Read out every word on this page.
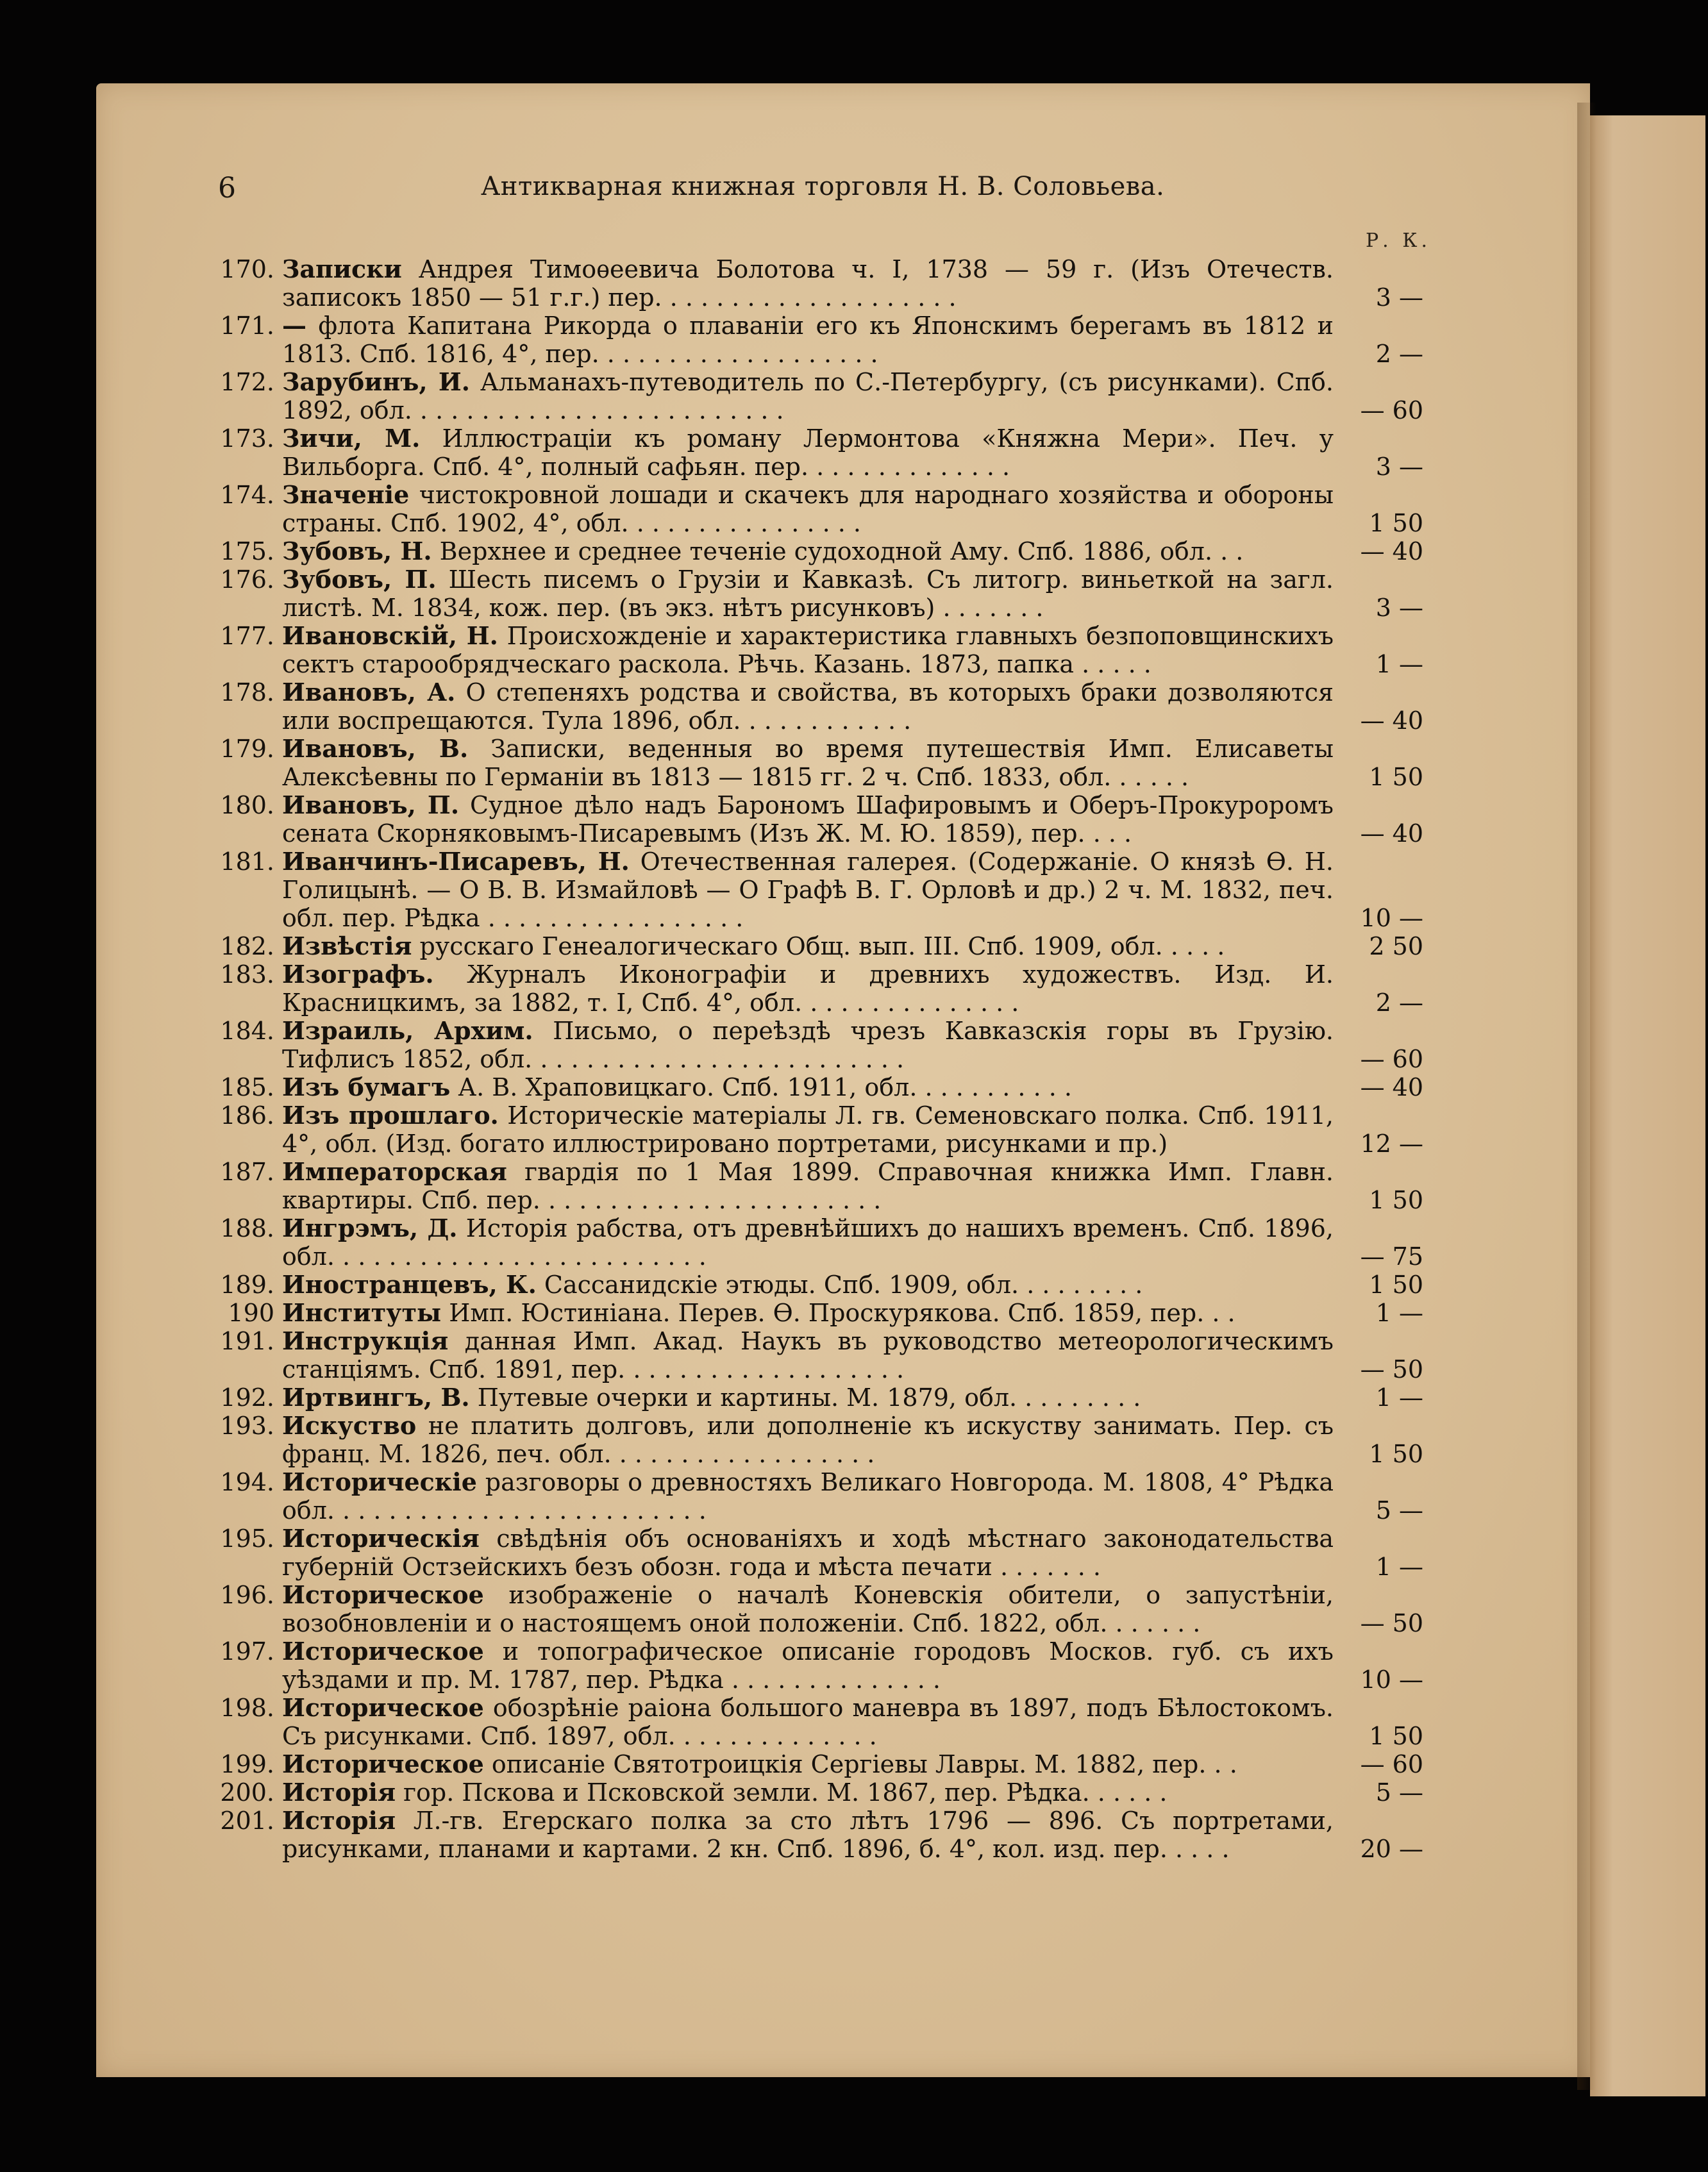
6	Антикварная книжная торговля Н. В. Соловьева.
Р. К.
170. Записки Андрея Тимоѳеевича Болотова ч. I, 1738 — 59 г. (Изъ Отечеств. записокъ 1850 — 51 г.г.) пер. . . . . . . . . . . . . . . . . . . .	3 —
171. — флота Капитана Рикорда о плаваніи его къ Японскимъ берегамъ въ 1812 и 1813. Спб. 1816, 4°, пер. . . . . . . . . . . . . . . . . . .	2 —
172. Зарубинъ, И. Альманахъ-путеводитель по С.-Петербургу, (съ рисунками). Спб. 1892, обл. . . . . . . . . . . . . . . . . . . . . . . . .	— 60
173. Зичи, М. Иллюстраціи къ роману Лермонтова «Княжна Мери». Печ. у Вильборга. Спб. 4°, полный сафьян. пер. . . . . . . . . . . . . .	3 —
174. Значеніе чистокровной лошади и скачекъ для народнаго хозяйства и обороны страны. Спб. 1902, 4°, обл. . . . . . . . . . . . . . . .	1 50
175. Зубовъ, Н. Верхнее и среднее теченіе судоходной Аму. Спб. 1886, обл. . .	— 40
176. Зубовъ, П. Шесть писемъ о Грузіи и Кавказѣ. Съ литогр. виньеткой на загл. листѣ. М. 1834, кож. пер. (въ экз. нѣтъ рисунковъ) . . . . . . .	3 —
177. Ивановскій, Н. Происхожденіе и характеристика главныхъ безпоповщинскихъ сектъ старообрядческаго раскола. Рѣчь. Казань. 1873, папка . . . . .	1 —
178. Ивановъ, А. О степеняхъ родства и свойства, въ которыхъ браки дозволяются или воспрещаются. Тула 1896, обл. . . . . . . . . . . .	— 40
179. Ивановъ, В. Записки, веденныя во время путешествія Имп. Елисаветы Алексѣевны по Германіи въ 1813 — 1815 гг. 2 ч. Спб. 1833, обл. . . . . .	1 50
180. Ивановъ, П. Судное дѣло надъ Барономъ Шафировымъ и Оберъ-Прокуроромъ сената Скорняковымъ-Писаревымъ (Изъ Ж. М. Ю. 1859), пер. . . .	— 40
181. Иванчинъ-Писаревъ, Н. Отечественная галерея. (Содержаніе. О князѣ Ѳ. Н. Голицынѣ. — О В. В. Измайловѣ — О Графѣ В. Г. Орловѣ и др.) 2 ч. М. 1832, печ. обл. пер. Рѣдка . . . . . . . . . . . . . . . . .	10 —
182. Извѣстія русскаго Генеалогическаго Общ. вып. III. Спб. 1909, обл. . . . .	2 50
183. Изографъ. Журналъ Иконографіи и древнихъ художествъ. Изд. И. Красницкимъ, за 1882, т. I, Спб. 4°, обл. . . . . . . . . . . . . . .	2 —
184. Израиль, Архим. Письмо, о переѣздѣ чрезъ Кавказскія горы въ Грузію. Тифлисъ 1852, обл. . . . . . . . . . . . . . . . . . . . . . . . .	— 60
185. Изъ бумагъ А. В. Храповицкаго. Спб. 1911, обл. . . . . . . . . . .	— 40
186. Изъ прошлаго. Историческіе матеріалы Л. гв. Семеновскаго полка. Спб. 1911, 4°, обл. (Изд. богато иллюстрировано портретами, рисунками и пр.)	12 —
187. Императорская гвардія по 1 Мая 1899. Справочная книжка Имп. Главн. квартиры. Спб. пер. . . . . . . . . . . . . . . . . . . . . . .	1 50
188. Ингрэмъ, Д. Исторія рабства, отъ древнѣйшихъ до нашихъ временъ. Спб. 1896, обл. . . . . . . . . . . . . . . . . . . . . . . . .	— 75
189. Иностранцевъ, К. Сассанидскіе этюды. Спб. 1909, обл. . . . . . . . .	1 50
190 Институты Имп. Юстиніана. Перев. Ѳ. Проскурякова. Спб. 1859, пер. . .	1 —
191. Инструкція данная Имп. Акад. Наукъ въ руководство метеорологическимъ станціямъ. Спб. 1891, пер. . . . . . . . . . . . . . . . . . .	— 50
192. Иртвингъ, В. Путевые очерки и картины. М. 1879, обл. . . . . . . . .	1 —
193. Искуство не платить долговъ, или дополненіе къ искуству занимать. Пер. съ франц. М. 1826, печ. обл. . . . . . . . . . . . . . . . . .	1 50
194. Историческіе разговоры о древностяхъ Великаго Новгорода. М. 1808, 4° Рѣдка обл. . . . . . . . . . . . . . . . . . . . . . . . .	5 —
195. Историческія свѣдѣнія объ основаніяхъ и ходѣ мѣстнаго законодательства губерній Остзейскихъ безъ обозн. года и мѣста печати . . . . . . .	1 —
196. Историческое изображеніе о началѣ Коневскія обители, о запустѣніи, возобновленіи и о настоящемъ оной положеніи. Спб. 1822, обл. . . . . . .	— 50
197. Историческое и топографическое описаніе городовъ Москов. губ. съ ихъ уѣздами и пр. М. 1787, пер. Рѣдка . . . . . . . . . . . . . .	10 —
198. Историческое обозрѣніе раіона большого маневра въ 1897, подъ Бѣлостокомъ. Съ рисунками. Спб. 1897, обл. . . . . . . . . . . . . .	1 50
199. Историческое описаніе Святотроицкія Сергіевы Лавры. М. 1882, пер. . .	— 60
200. Исторія гор. Пскова и Псковской земли. М. 1867, пер. Рѣдка. . . . . .	5 —
201. Исторія Л.-гв. Егерскаго полка за сто лѣтъ 1796 — 896. Съ портретами, рисунками, планами и картами. 2 кн. Спб. 1896, б. 4°, кол. изд. пер. . . . .	20 —
